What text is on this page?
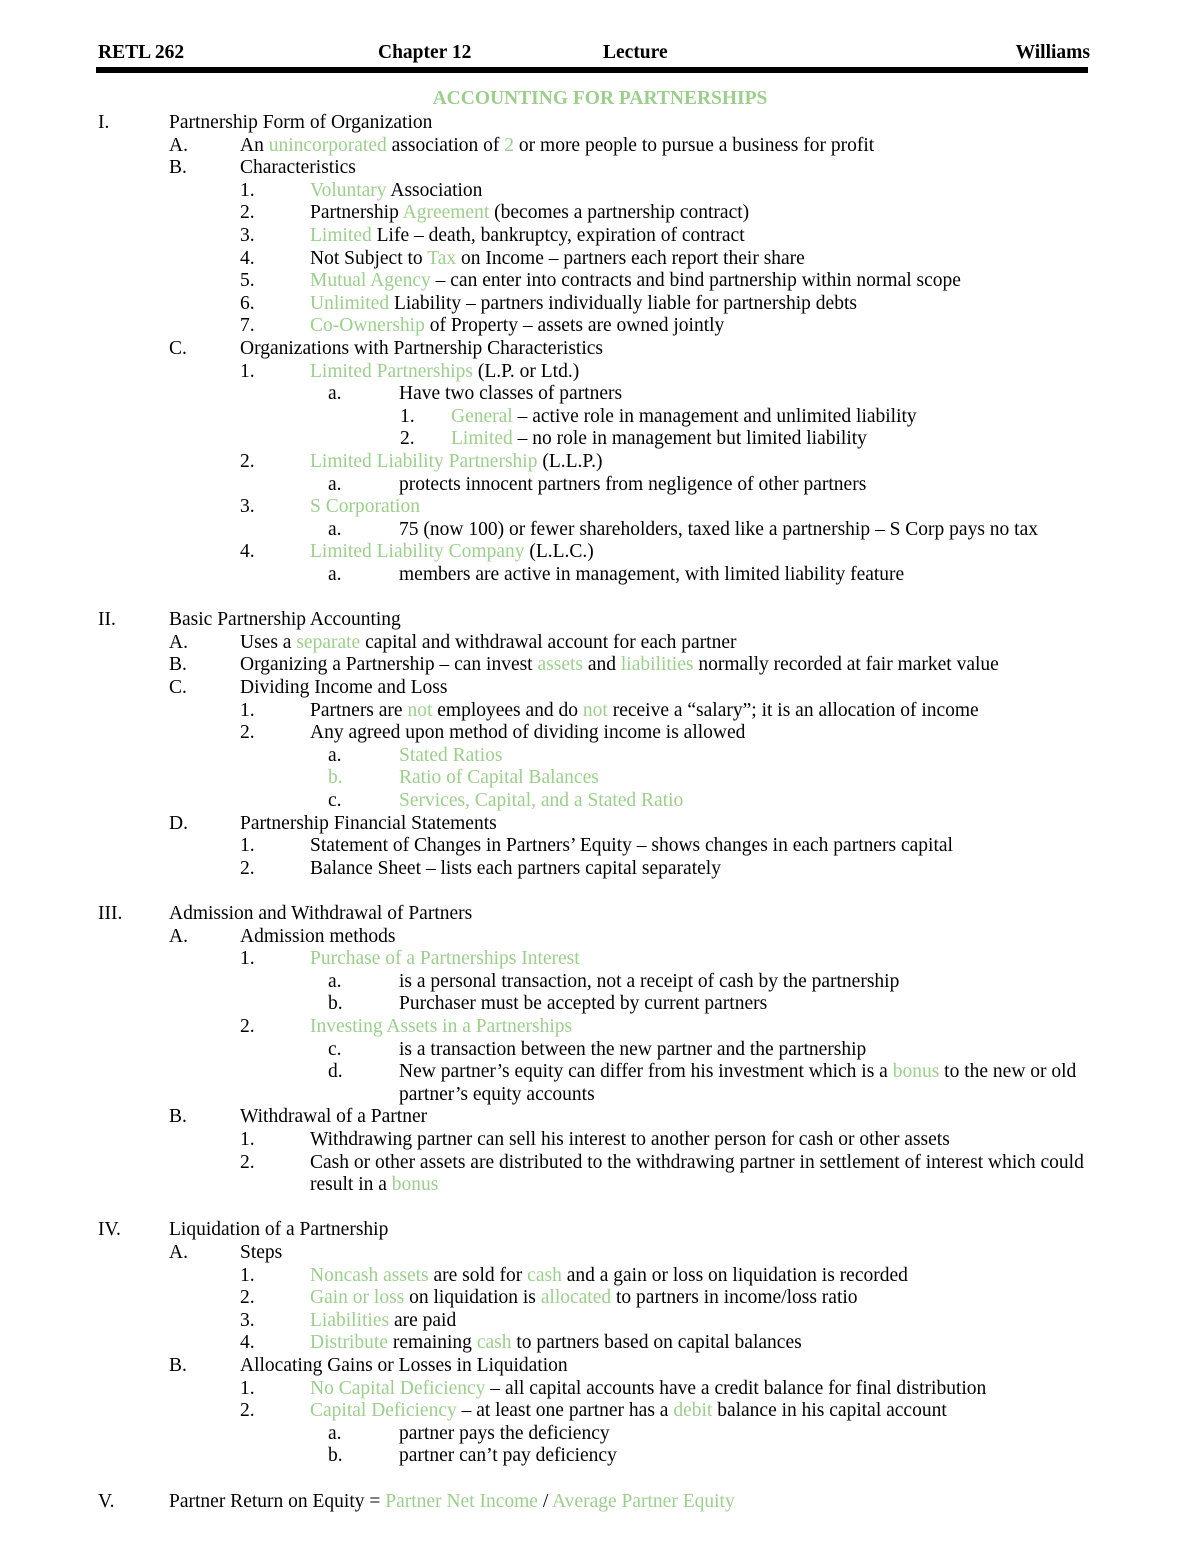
RETL 262	Chapter 12	Lecture	Williams
ACCOUNTING FOR PARTNERSHIPS
I.	Partnership Form of Organization
A.	An unincorporated association of 2 or more people to pursue a business for profit
B.	Characteristics
1.	Voluntary Association
2.	Partnership Agreement (becomes a partnership contract)
3.	Limited Life – death, bankruptcy, expiration of contract
4.	Not Subject to Tax on Income – partners each report their share
5.	Mutual Agency – can enter into contracts and bind partnership within normal scope
6.	Unlimited Liability – partners individually liable for partnership debts
7.	Co-Ownership of Property – assets are owned jointly
C.	Organizations with Partnership Characteristics
1.	Limited Partnerships (L.P. or Ltd.)
a.	Have two classes of partners
1. General – active role in management and unlimited liability
2. Limited – no role in management but limited liability
2.	Limited Liability Partnership (L.L.P.)
a.	protects innocent partners from negligence of other partners
3.	S Corporation
a.	75 (now 100) or fewer shareholders, taxed like a partnership – S Corp pays no tax
4.	Limited Liability Company (L.L.C.)
a.	members are active in management, with limited liability feature
II.	Basic Partnership Accounting
A.	Uses a separate capital and withdrawal account for each partner
B.	Organizing a Partnership – can invest assets and liabilities normally recorded at fair market value
C.	Dividing Income and Loss
1.	Partners are not employees and do not receive a “salary”; it is an allocation of income
2.	Any agreed upon method of dividing income is allowed
a.	Stated Ratios
b.	Ratio of Capital Balances
c.	Services, Capital, and a Stated Ratio
D.	Partnership Financial Statements
1.	Statement of Changes in Partners’ Equity – shows changes in each partners capital
2.	Balance Sheet – lists each partners capital separately
III. Admission and Withdrawal of Partners
A.	Admission methods
1.	Purchase of a Partnerships Interest
a.	is a personal transaction, not a receipt of cash by the partnership
b.	Purchaser must be accepted by current partners
2.	Investing Assets in a Partnerships
c.	is a transaction between the new partner and the partnership
d.	New partner’s equity can differ from his investment which is a bonus to the new or old
partner’s equity accounts
B.	Withdrawal of a Partner
1.	Withdrawing partner can sell his interest to another person for cash or other assets
2.	Cash or other assets are distributed to the withdrawing partner in settlement of interest which could
result in a bonus
IV. Liquidation of a Partnership
A.	Steps
1.	Noncash assets are sold for cash and a gain or loss on liquidation is recorded
2.	Gain or loss on liquidation is allocated to partners in income/loss ratio
3.	Liabilities are paid
4.	Distribute remaining cash to partners based on capital balances
B.	Allocating Gains or Losses in Liquidation
1.	No Capital Deficiency – all capital accounts have a credit balance for final distribution
2.	Capital Deficiency – at least one partner has a debit balance in his capital account
a.	partner pays the deficiency
b.	partner can’t pay deficiency
V.	Partner Return on Equity = Partner Net Income / Average Partner Equity
